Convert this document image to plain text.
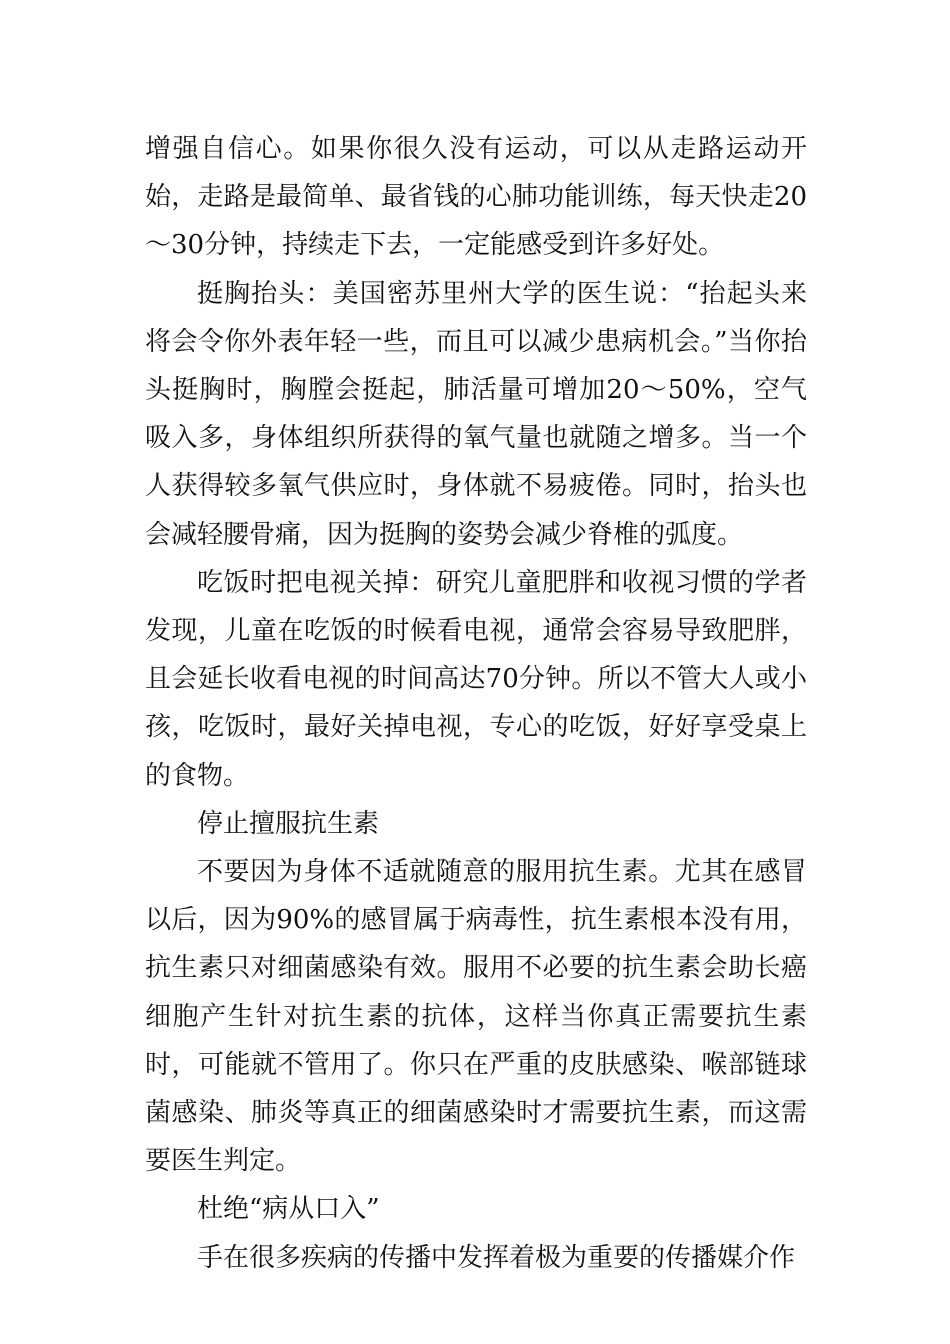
增强自信心。如果你很久没有运动，可以从走路运动开始，走路是最简单、最省钱的心肺功能训练，每天快走20～30分钟，持续走下去，一定能感受到许多好处。

挺胸抬头：美国密苏里州大学的医生说：“抬起头来将会令你外表年轻一些，而且可以减少患病机会。”当你抬头挺胸时，胸膛会挺起，肺活量可增加20～50%，空气吸入多，身体组织所获得的氧气量也就随之增多。当一个人获得较多氧气供应时，身体就不易疲倦。同时，抬头也会减轻腰骨痛，因为挺胸的姿势会减少脊椎的弧度。

吃饭时把电视关掉：研究儿童肥胖和收视习惯的学者发现，儿童在吃饭的时候看电视，通常会容易导致肥胖，且会延长收看电视的时间高达70分钟。所以不管大人或小孩，吃饭时，最好关掉电视，专心的吃饭，好好享受桌上的食物。

停止擅服抗生素

不要因为身体不适就随意的服用抗生素。尤其在感冒以后，因为90%的感冒属于病毒性，抗生素根本没有用，抗生素只对细菌感染有效。服用不必要的抗生素会助长癌细胞产生针对抗生素的抗体，这样当你真正需要抗生素时，可能就不管用了。你只在严重的皮肤感染、喉部链球菌感染、肺炎等真正的细菌感染时才需要抗生素，而这需要医生判定。

杜绝“病从口入”

手在很多疾病的传播中发挥着极为重要的传播媒介作
